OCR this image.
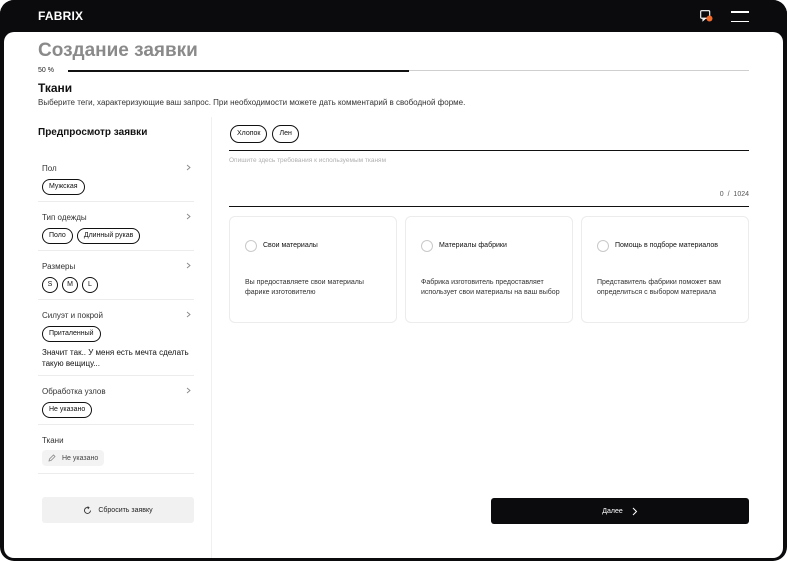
FABRIX
Создание заявки
50 %
Ткани
Выберите теги, характеризующие ваш запрос. При необходимости можете дать комментарий в свободной форме.
Предпросмотр заявки
Пол
Мужская
Тип одежды
Поло	Длинный рукав
Размеры
S	M	L
Силуэт и покрой
Приталенный
Значит так.. У меня есть мечта сделать такую вещицу...
Обработка узлов
Не указано
Ткани
Не указано
Сбросить заявку
Хлопок	Лен
Опишите здесь требования к используемым тканям
0  /  1024
Свои материалы
Вы предоставляете свои материалы фарике изготовителю
Материалы фабрики
Фабрика изготовитель предоставляет использует свои материалы на ваш выбор
Помощь в подборе материалов
Представитель фабрики поможет вам определиться с выбором материала
Далее
